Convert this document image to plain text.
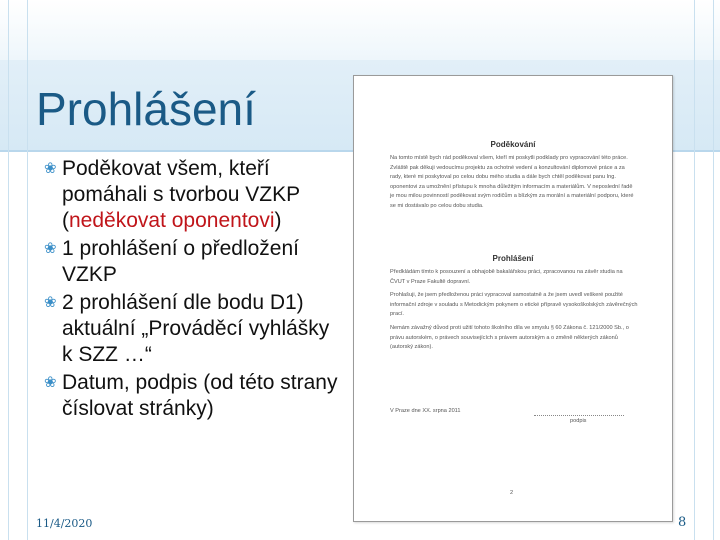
Prohlášení
❀ Poděkovat všem, kteří pomáhali s tvorbou VZKP (neděkovat oponentovi)
❀ 1 prohlášení o předložení VZKP
❀ 2 prohlášení dle bodu D1) aktuální „Prováděcí vyhlášky k SZZ …“
❀ Datum, podpis (od této strany číslovat stránky)
Poděkování

Na tomto místě bych rád poděkoval všem, kteří mi poskytli podklady pro vypracování této práce. Zvláště pak děkuji vedoucímu projektu za ochotné vedení a konzultování diplomové práce a za rady, které mi poskytoval po celou dobu mého studia a dále bych chtěl poděkovat panu Ing. oponentovi za umožnění přístupu k mnoha důležitým informacím a materiálům. V neposlední řadě je mou milou povinností poděkovat svým rodičům a blízkým za morální a materiální podporu, které se mi dostávalo po celou dobu studia.

Prohlášení

Předkládám tímto k posouzení a obhajobě bakalářskou práci, zpracovanou na závěr studia na ČVUT v Praze Fakultě dopravní.

Prohlašuji, že jsem předloženou práci vypracoval samostatně a že jsem uvedl veškeré použité informační zdroje v souladu s Metodickým pokynem o etické přípravě vysokoškolských závěrečných prací.

Nemám závažný důvod proti užití tohoto školního díla ve smyslu § 60 Zákona č. 121/2000 Sb., o právu autorském, o právech souvisejících s právem autorským a o změně některých zákonů (autorský zákon).

V Praze dne XX. srpna 2011
podpis
2
11/4/2020	8
